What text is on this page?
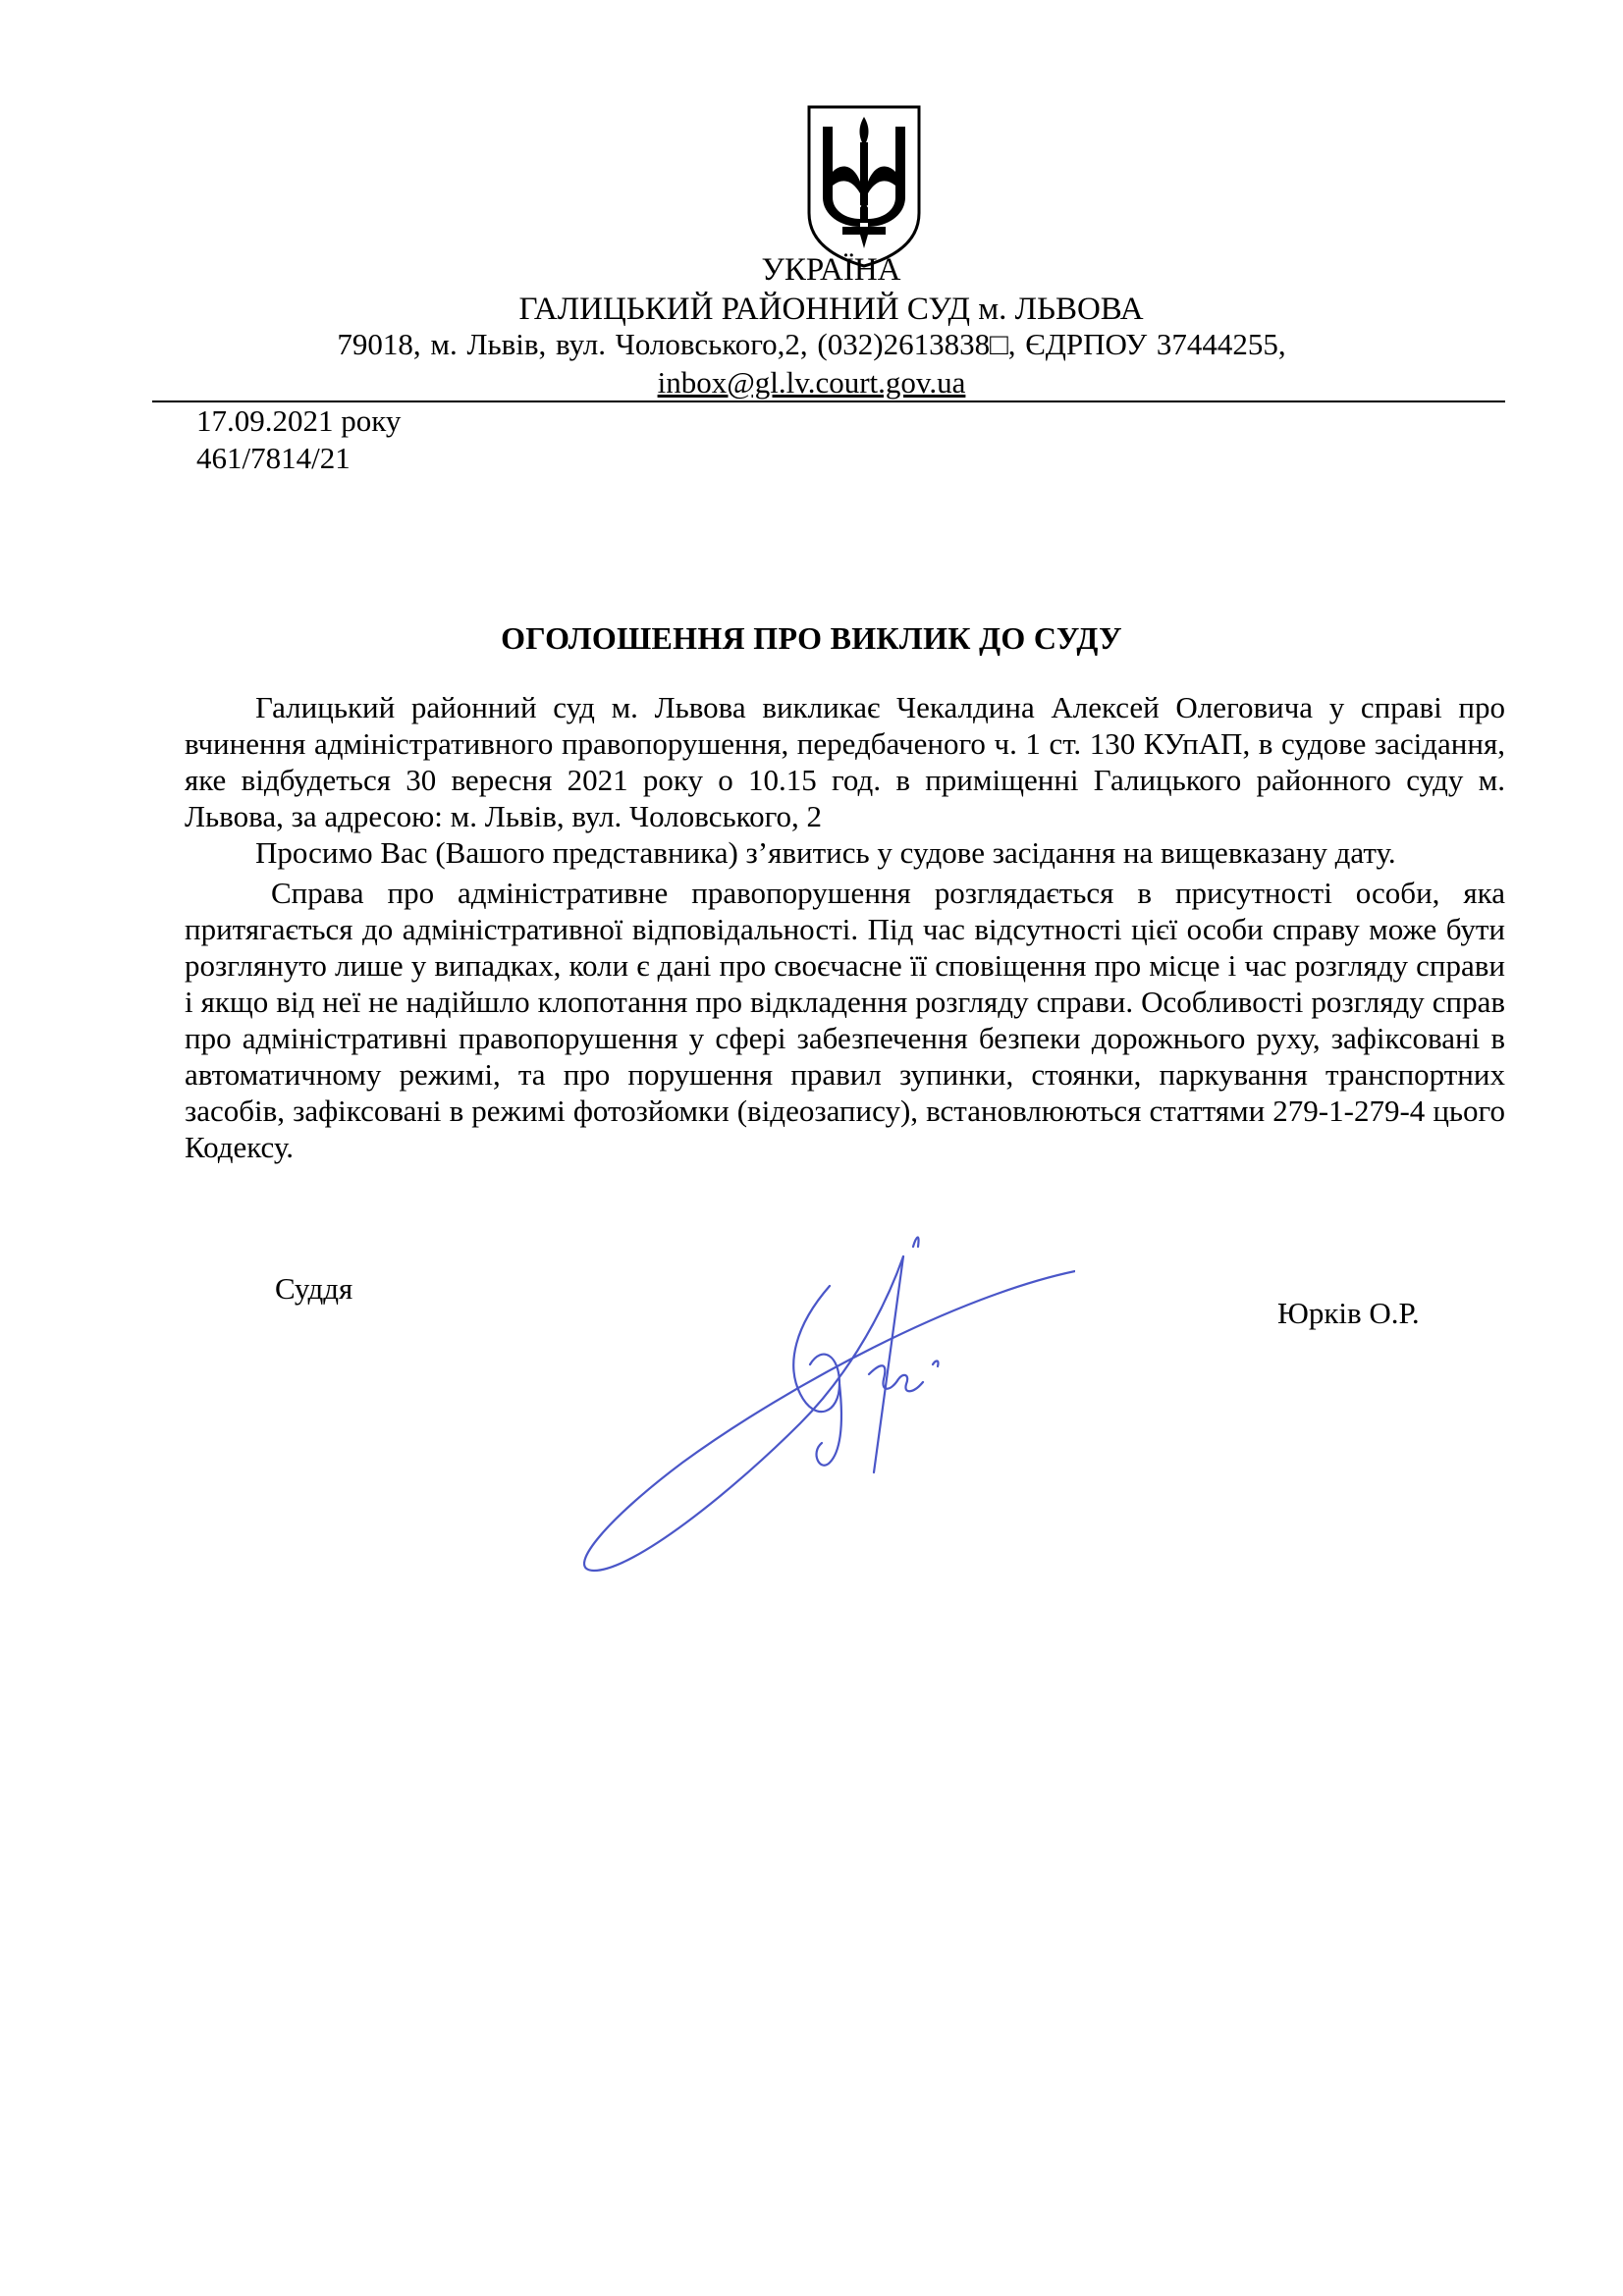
УКРАЇНА
ГАЛИЦЬКИЙ РАЙОННИЙ СУД м. ЛЬВОВА
79018, м. Львів, вул. Чоловського,2, (032)2613838□, ЄДРПОУ 37444255,
inbox@gl.lv.court.gov.ua
17.09.2021 року
461/7814/21
ОГОЛОШЕННЯ ПРО ВИКЛИК ДО СУДУ

Галицький районний суд м. Львова викликає Чекалдина Алексей Олеговича у справі про вчинення адміністративного правопорушення, передбаченого ч. 1 ст. 130 КУпАП, в судове засідання, яке відбудеться 30 вересня 2021 року о 10.15 год. в приміщенні Галицького районного суду м. Львова, за адресою: м. Львів, вул. Чоловського, 2

Просимо Вас (Вашого представника) з’явитись у судове засідання на вищевказану дату.

Справа про адміністративне правопорушення розглядається в присутності особи, яка притягається до адміністративної відповідальності. Під час відсутності цієї особи справу може бути розглянуто лише у випадках, коли є дані про своєчасне її сповіщення про місце і час розгляду справи і якщо від неї не надійшло клопотання про відкладення розгляду справи. Особливості розгляду справ про адміністративні правопорушення у сфері забезпечення безпеки дорожнього руху, зафіксовані в автоматичному режимі, та про порушення правил зупинки, стоянки, паркування транспортних засобів, зафіксовані в режимі фотозйомки (відеозапису), встановлюються статтями 279-1-279-4 цього Кодексу.

Суддя
Юрків О.Р.
